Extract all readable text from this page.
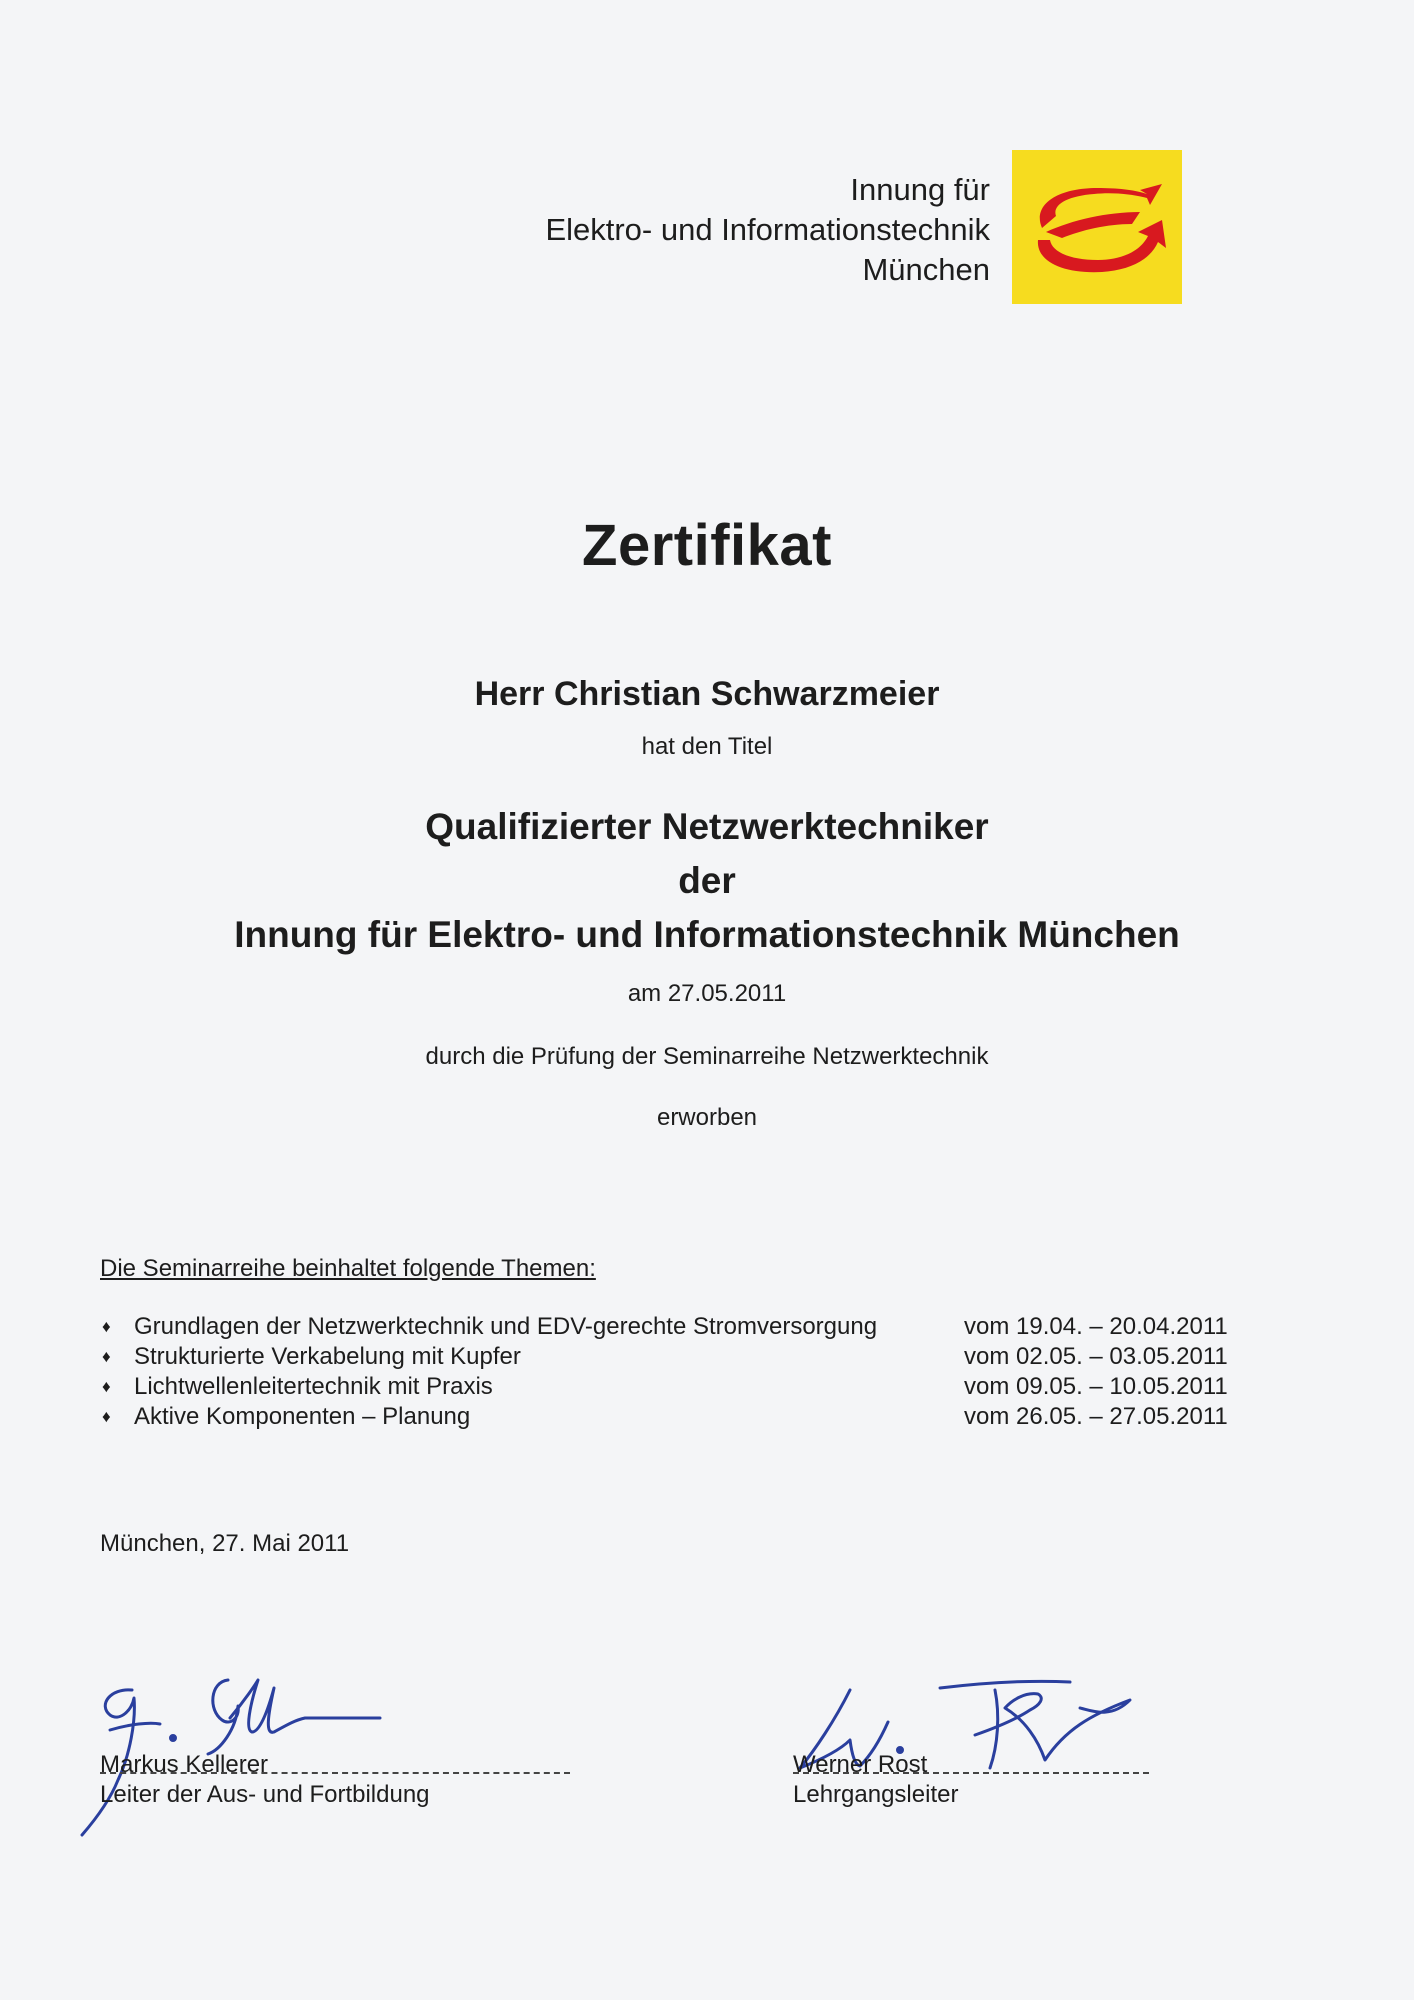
Innung für
Elektro- und Informationstechnik
München
Zertifikat
Herr Christian Schwarzmeier
hat den Titel
Qualifizierter Netzwerktechniker
der
Innung für Elektro- und Informationstechnik München
am 27.05.2011
durch die Prüfung der Seminarreihe Netzwerktechnik
erworben
Die Seminarreihe beinhaltet folgende Themen:
♦ Grundlagen der Netzwerktechnik und EDV-gerechte Stromversorgung	vom 19.04. – 20.04.2011
♦ Strukturierte Verkabelung mit Kupfer	vom 02.05. – 03.05.2011
♦ Lichtwellenleitertechnik mit Praxis	vom 09.05. – 10.05.2011
♦ Aktive Komponenten – Planung	vom 26.05. – 27.05.2011
München, 27. Mai 2011
Markus Kellerer
Leiter der Aus- und Fortbildung
Werner Rost
Lehrgangsleiter
